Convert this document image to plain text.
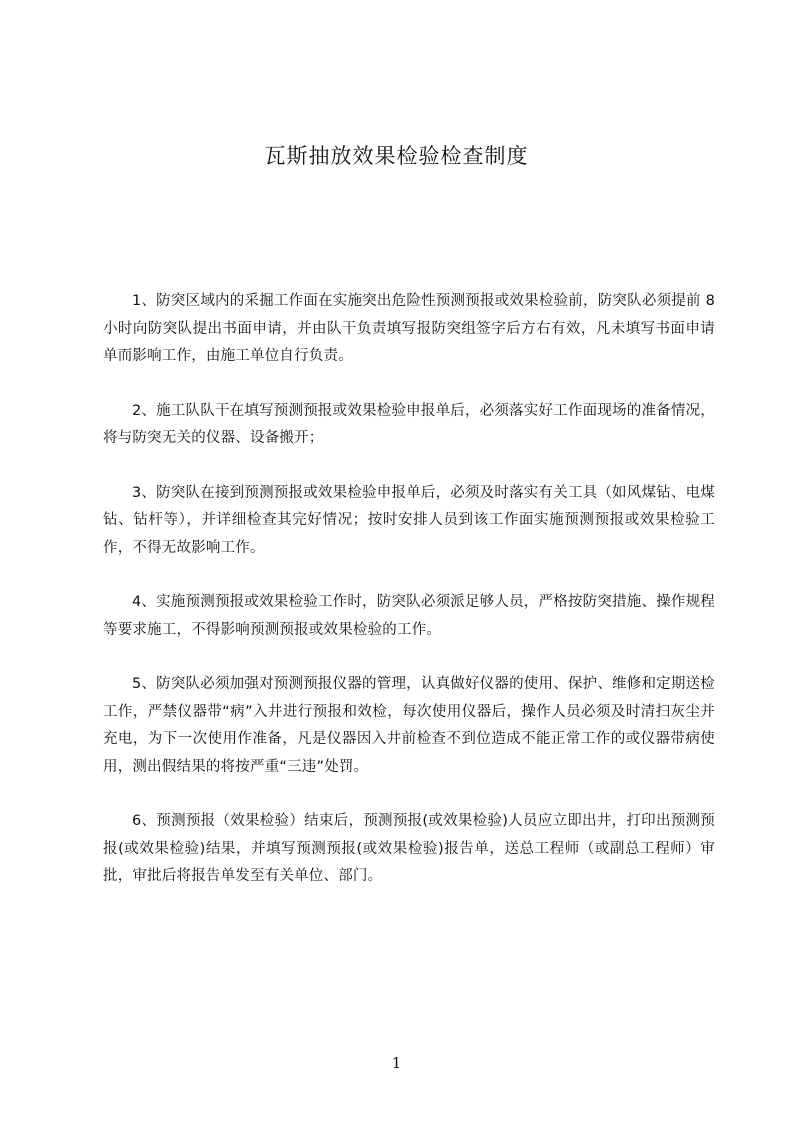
瓦斯抽放效果检验检查制度

1、防突区域内的采掘工作面在实施突出危险性预测预报或效果检验前，防突队必须提前 8 小时向防突队提出书面申请，并由队干负责填写报防突组签字后方右有效，凡未填写书面申请单而影响工作，由施工单位自行负责。

2、施工队队干在填写预测预报或效果检验申报单后，必须落实好工作面现场的准备情况，将与防突无关的仪器、设备搬开；

3、防突队在接到预测预报或效果检验申报单后，必须及时落实有关工具（如风煤钻、电煤钻、钻杆等），并详细检查其完好情况；按时安排人员到该工作面实施预测预报或效果检验工作，不得无故影响工作。

4、实施预测预报或效果检验工作时，防突队必须派足够人员，严格按防突措施、操作规程等要求施工，不得影响预测预报或效果检验的工作。

5、防突队必须加强对预测预报仪器的管理，认真做好仪器的使用、保护、维修和定期送检工作，严禁仪器带“病”入井进行预报和效检，每次使用仪器后，操作人员必须及时清扫灰尘并充电，为下一次使用作准备，凡是仪器因入井前检查不到位造成不能正常工作的或仪器带病使用，测出假结果的将按严重“三违”处罚。

6、预测预报（效果检验）结束后，预测预报(或效果检验)人员应立即出井，打印出预测预报(或效果检验)结果，并填写预测预报(或效果检验)报告单，送总工程师（或副总工程师）审批，审批后将报告单发至有关单位、部门。

1
